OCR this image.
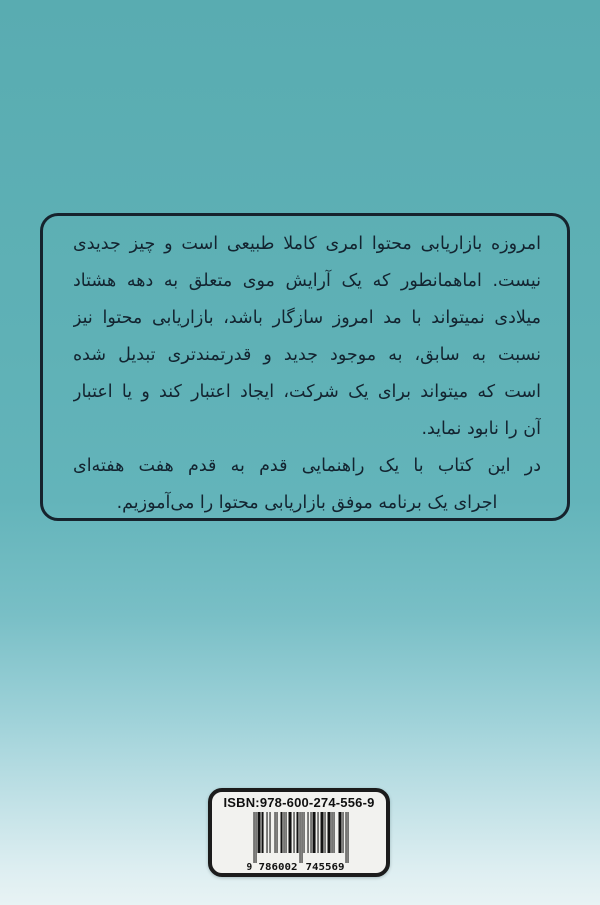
امروزه بازاریابی محتوا امری کاملا طبیعی است و چیز جدیدی
نیست. اماهمانطور که یک آرایش موی متعلق به دهه هشتاد
میلادی نمیتواند با مد امروز سازگار باشد، بازاریابی محتوا نیز
نسبت به سابق، به موجود جدید و قدرتمندتری تبدیل شده
است که میتواند برای یک شرکت، ایجاد اعتبار کند و یا اعتبار
آن را نابود نماید.
در این کتاب با یک راهنمایی قدم به قدم هفت هفته‌ای
اجرای یک برنامه موفق بازاریابی محتوا را می‌آموزیم.
ISBN:978-600-274-556-9
9 786002 745569
